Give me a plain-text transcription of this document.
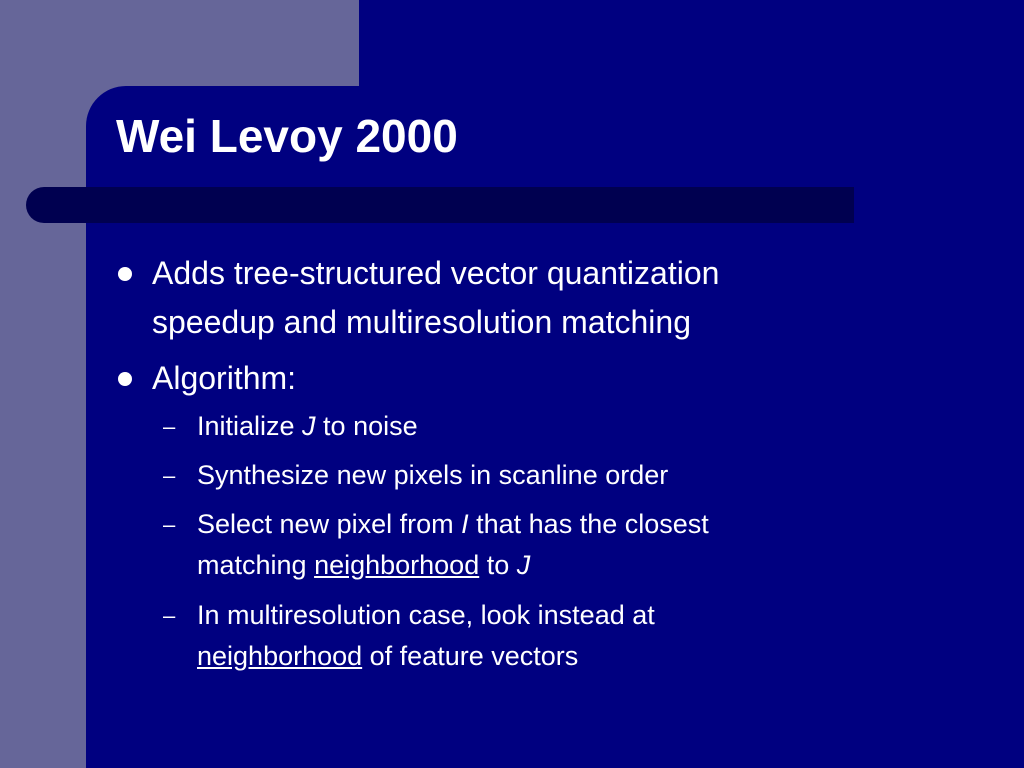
Wei Levoy 2000
Adds tree-structured vector quantization
speedup and multiresolution matching
Algorithm:
– Initialize J to noise
– Synthesize new pixels in scanline order
– Select new pixel from I that has the closest
matching neighborhood to J
– In multiresolution case, look instead at
neighborhood of feature vectors
